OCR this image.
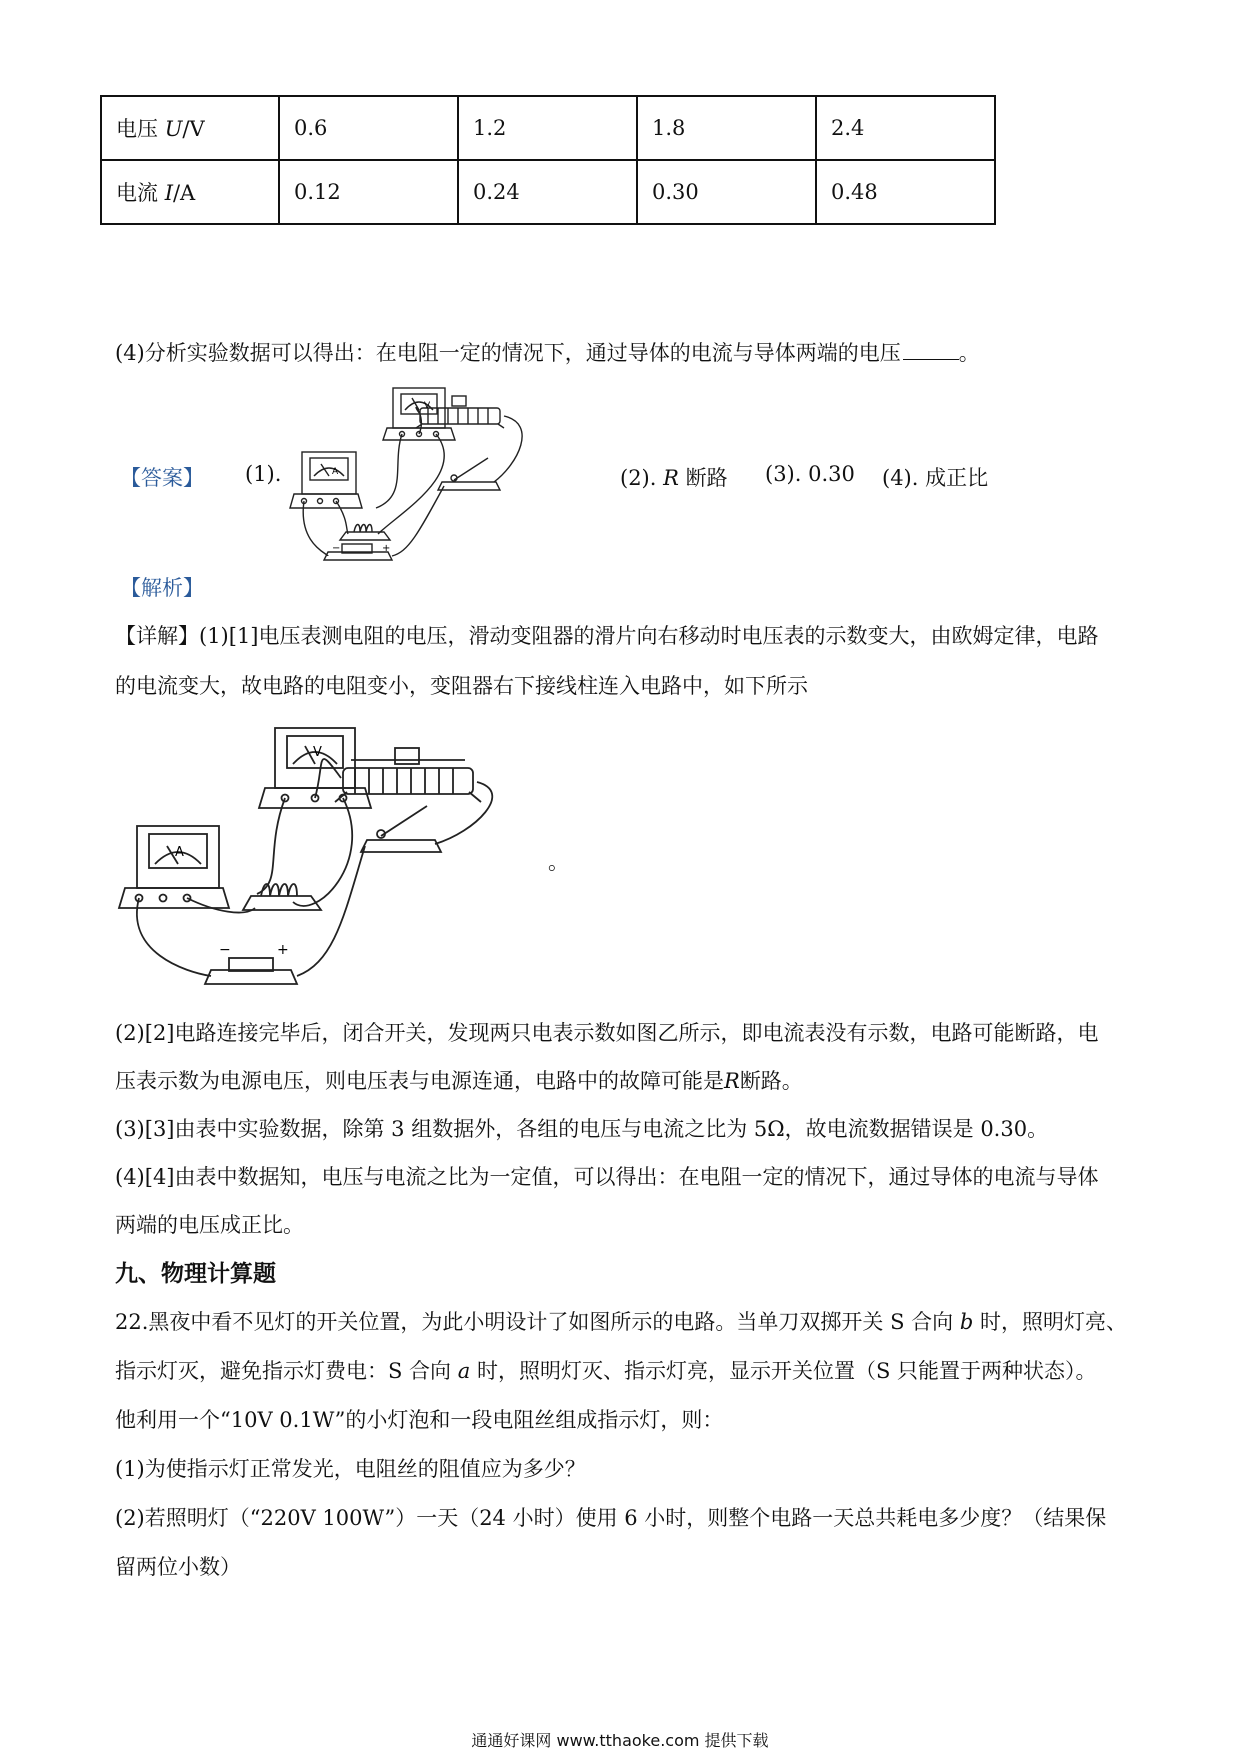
电压 U/V	0.6	1.2	1.8	2.4
电流 I/A	0.12	0.24	0.30	0.48
(4)分析实验数据可以得出：在电阻一定的情况下，通过导体的电流与导体两端的电压	。
【答案】 (1).	(2). R 断路 (3). 0.30 (4). 成正比
V
A
−	+
【解析】
【详解】(1)[1]电压表测电阻的电压，滑动变阻器的滑片向右移动时电压表的示数变大，由欧姆定律，电路
的电流变大，故电路的电阻变小，变阻器右下接线柱连入电路中，如下所示
V
A
−	+
。
(2)[2]电路连接完毕后，闭合开关，发现两只电表示数如图乙所示，即电流表没有示数，电路可能断路，电
压表示数为电源电压，则电压表与电源连通，电路中的故障可能是R断路。
(3)[3]由表中实验数据，除第 3 组数据外，各组的电压与电流之比为 5Ω，故电流数据错误是 0.30。
(4)[4]由表中数据知，电压与电流之比为一定值，可以得出：在电阻一定的情况下，通过导体的电流与导体
两端的电压成正比。
九、物理计算题
22.黑夜中看不见灯的开关位置，为此小明设计了如图所示的电路。当单刀双掷开关 S 合向 b 时，照明灯亮、
指示灯灭，避免指示灯费电：S 合向 a 时，照明灯灭、指示灯亮，显示开关位置（S 只能置于两种状态）。
他利用一个“10V 0.1W”的小灯泡和一段电阻丝组成指示灯，则：
(1)为使指示灯正常发光，电阻丝的阻值应为多少？
(2)若照明灯（“220V 100W”）一天（24 小时）使用 6 小时，则整个电路一天总共耗电多少度？（结果保
留两位小数）
通通好课网 www.tthaoke.com 提供下载
